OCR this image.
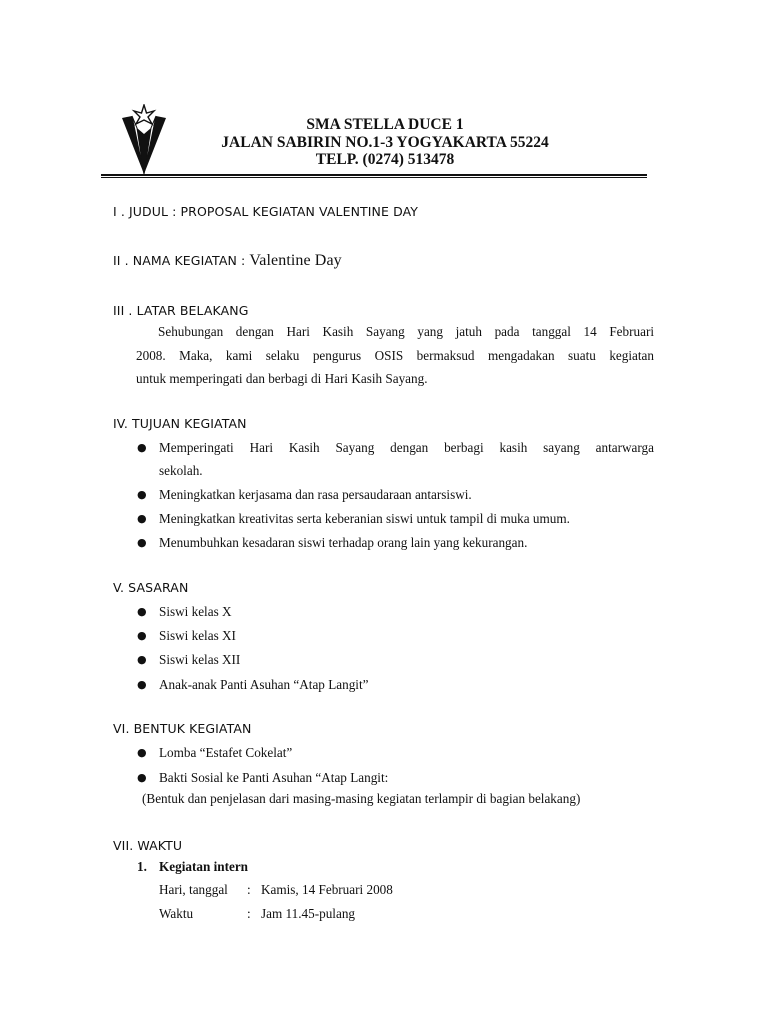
SMA STELLA DUCE 1
JALAN SABIRIN NO.1-3 YOGYAKARTA 55224
TELP. (0274) 513478
I . JUDUL : PROPOSAL KEGIATAN VALENTINE DAY
II . NAMA KEGIATAN : Valentine Day
III . LATAR BELAKANG
Sehubungan dengan Hari Kasih Sayang yang jatuh pada tanggal 14 Februari
2008. Maka, kami selaku pengurus OSIS bermaksud mengadakan suatu kegiatan
untuk memperingati dan berbagi di Hari Kasih Sayang.
IV. TUJUAN KEGIATAN
● Memperingati Hari Kasih Sayang dengan berbagi kasih sayang antarwarga
sekolah.
● Meningkatkan kerjasama dan rasa persaudaraan antarsiswi.
● Meningkatkan kreativitas serta keberanian siswi untuk tampil di muka umum.
● Menumbuhkan kesadaran siswi terhadap orang lain yang kekurangan.
V. SASARAN
● Siswi kelas X
● Siswi kelas XI
● Siswi kelas XII
● Anak-anak Panti Asuhan “Atap Langit”
VI. BENTUK KEGIATAN
● Lomba “Estafet Cokelat”
● Bakti Sosial ke Panti Asuhan “Atap Langit:
(Bentuk dan penjelasan dari masing-masing kegiatan terlampir di bagian belakang)
VII. WAKTU
1. Kegiatan intern
Hari, tanggal : Kamis, 14 Februari 2008
Waktu	: Jam 11.45-pulang
